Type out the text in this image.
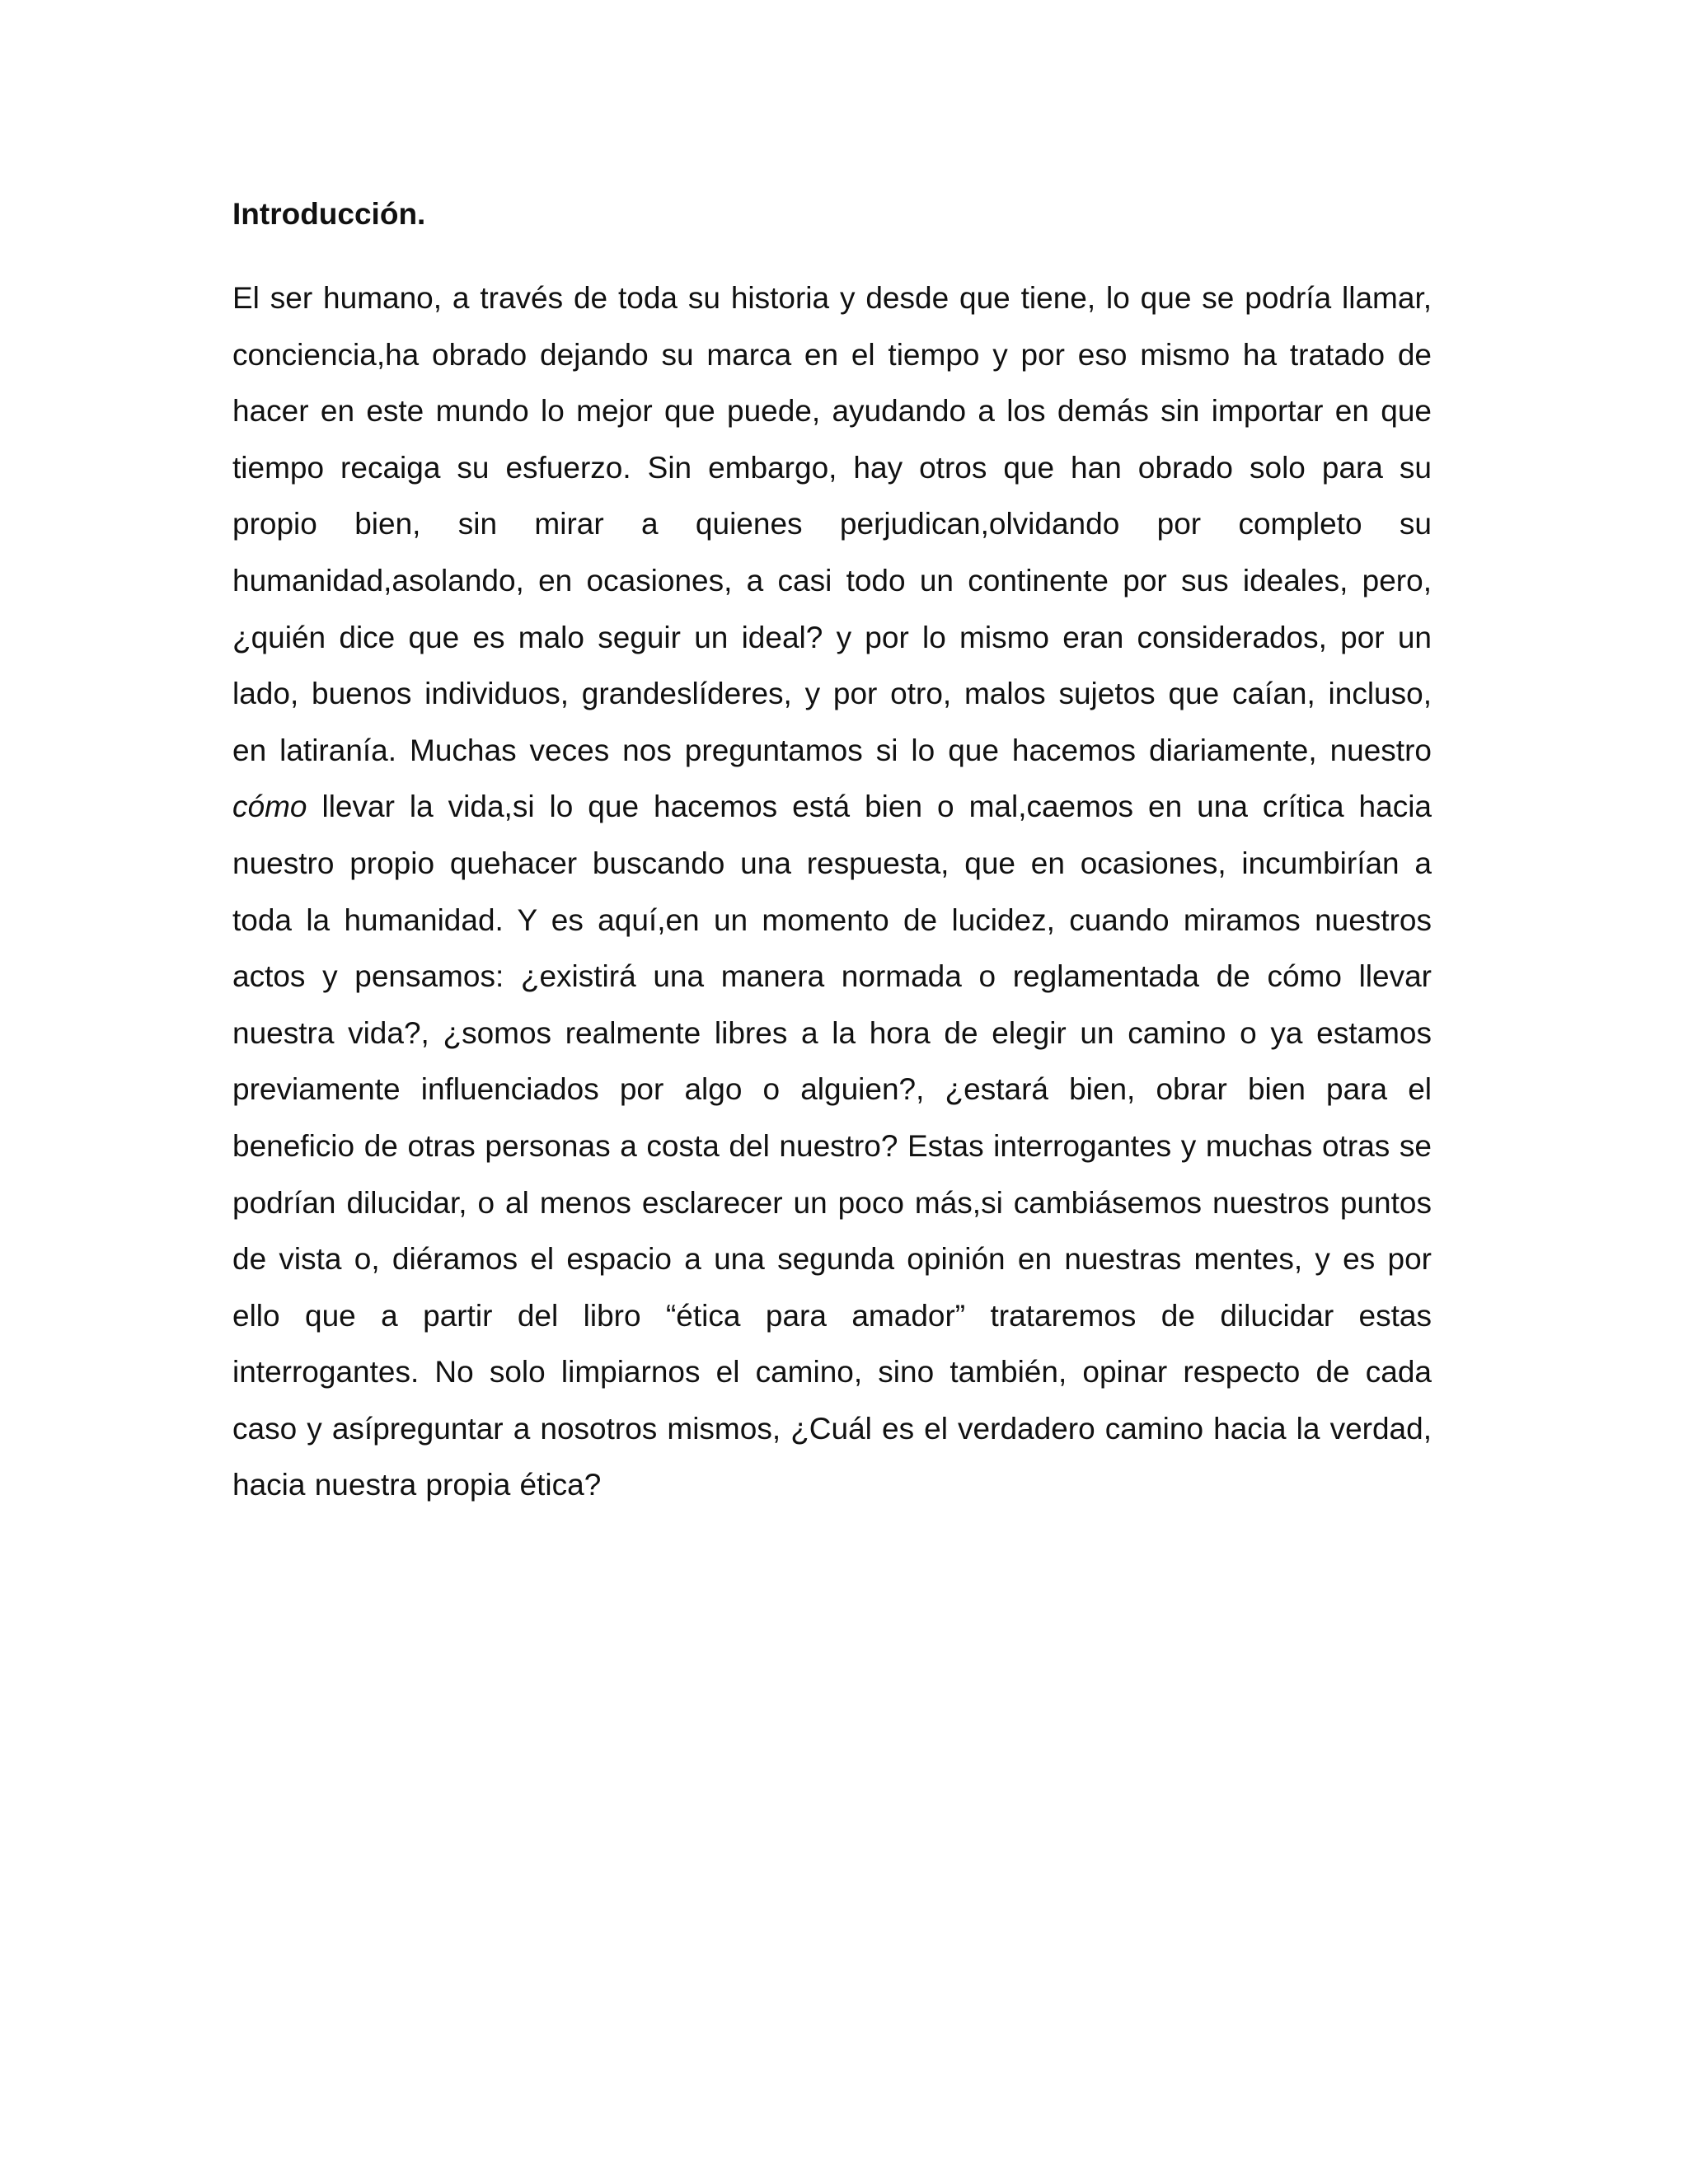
Introducción.

El ser humano, a través de toda su historia y desde que tiene, lo que se podría llamar, conciencia,ha obrado dejando su marca en el tiempo y por eso mismo ha tratado de hacer en este mundo lo mejor que puede, ayudando a los demás sin importar en que tiempo recaiga su esfuerzo. Sin embargo, hay otros que han obrado solo para su propio bien, sin mirar a quienes perjudican,olvidando por completo su humanidad,asolando, en ocasiones, a casi todo un continente por sus ideales, pero,¿quién dice que es malo seguir un ideal? y por lo mismo eran considerados, por un lado, buenos individuos, grandeslíderes, y por otro, malos sujetos que caían, incluso, en latiranía. Muchas veces nos preguntamos si lo que hacemos diariamente, nuestro cómo llevar la vida,si lo que hacemos está bien o mal,caemos en una crítica hacia nuestro propio quehacer buscando una respuesta, que en ocasiones, incumbirían a toda la humanidad. Y es aquí,en un momento de lucidez, cuando miramos nuestros actos y pensamos: ¿existirá una manera normada o reglamentada de cómo llevar nuestra vida?, ¿somos realmente libres a la hora de elegir un camino o ya estamos previamente influenciados por algo o alguien?, ¿estará bien, obrar bien para el beneficio de otras personas a costa del nuestro? Estas interrogantes y muchas otras se podrían dilucidar, o al menos esclarecer un poco más,si cambiásemos nuestros puntos de vista o, diéramos el espacio a una segunda opinión en nuestras mentes, y es por ello que a partir del libro “ética para amador” trataremos de dilucidar estas interrogantes. No solo limpiarnos el camino, sino también, opinar respecto de cada caso y asípreguntar a nosotros mismos, ¿Cuál es el verdadero camino hacia la verdad, hacia nuestra propia ética?
